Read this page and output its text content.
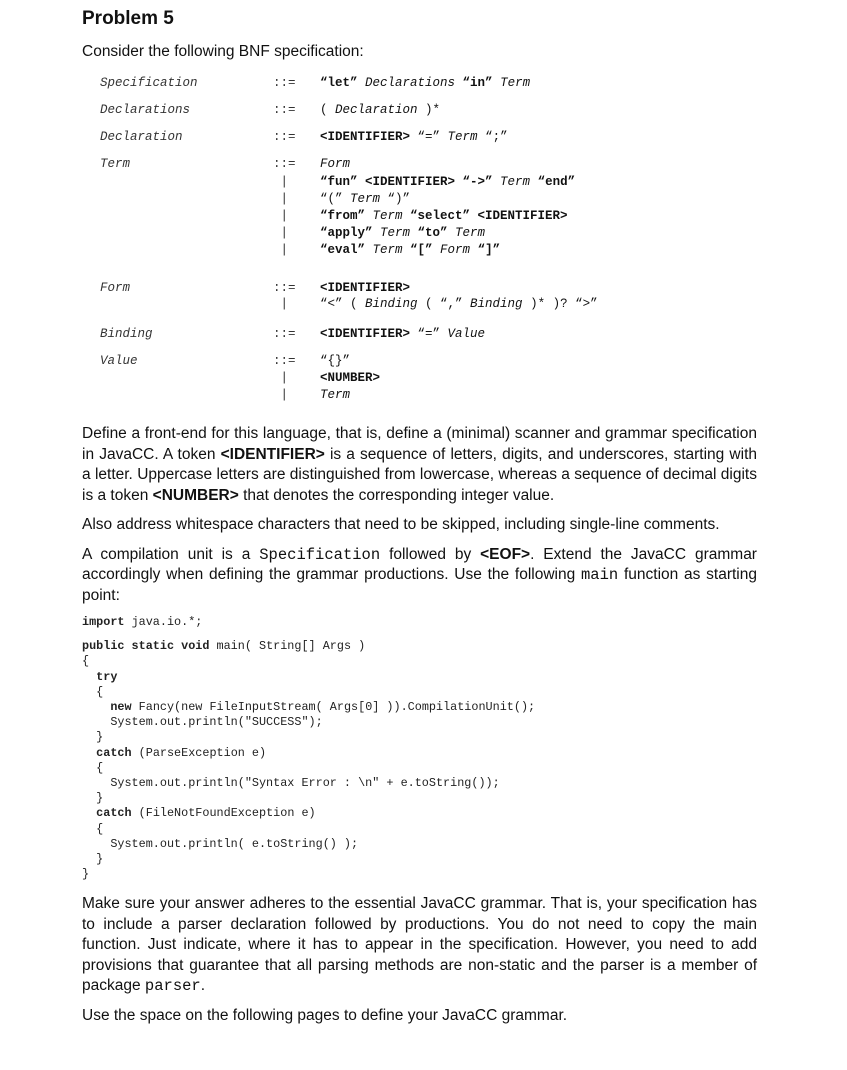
Problem 5
Consider the following BNF specification:
Specification	::= “let” Declarations “in” Term
Declarations	::= ( Declaration )*
Declaration	::= <IDENTIFIER> “=” Term “;”
Term	::= Form
|	“fun” <IDENTIFIER> “->” Term “end”
|	“(” Term “)”
|	“from” Term “select” <IDENTIFIER>
|	“apply” Term “to” Term
|	“eval” Term “[” Form “]”
Form	::= <IDENTIFIER>
|	“<” ( Binding ( “,” Binding )* )? “>”
Binding	::= <IDENTIFIER> “=” Value
Value	::= “{}”
|	<NUMBER>
|	Term
Define a front-end for this language, that is, define a (minimal) scanner and grammar specification in JavaCC. A token <IDENTIFIER> is a sequence of letters, digits, and underscores, starting with a letter. Uppercase letters are distinguished from lowercase, whereas a sequence of decimal digits is a token <NUMBER> that denotes the corresponding integer value.
Also address whitespace characters that need to be skipped, including single-line comments.
A compilation unit is a Specification followed by <EOF>. Extend the JavaCC grammar accordingly when defining the grammar productions. Use the following main function as starting point:
import java.io.*;
public static void main( String[] Args )
{
try
{
new Fancy(new FileInputStream( Args[0] )).CompilationUnit();
System.out.println("SUCCESS");
}
catch (ParseException e)
{
System.out.println("Syntax Error : \n" + e.toString());
}
catch (FileNotFoundException e)
{
System.out.println( e.toString() );
}
}
Make sure your answer adheres to the essential JavaCC grammar. That is, your specification has to include a parser declaration followed by productions. You do not need to copy the main function. Just indicate, where it has to appear in the specification. However, you need to add provisions that guarantee that all parsing methods are non-static and the parser is a member of package parser.
Use the space on the following pages to define your JavaCC grammar.
